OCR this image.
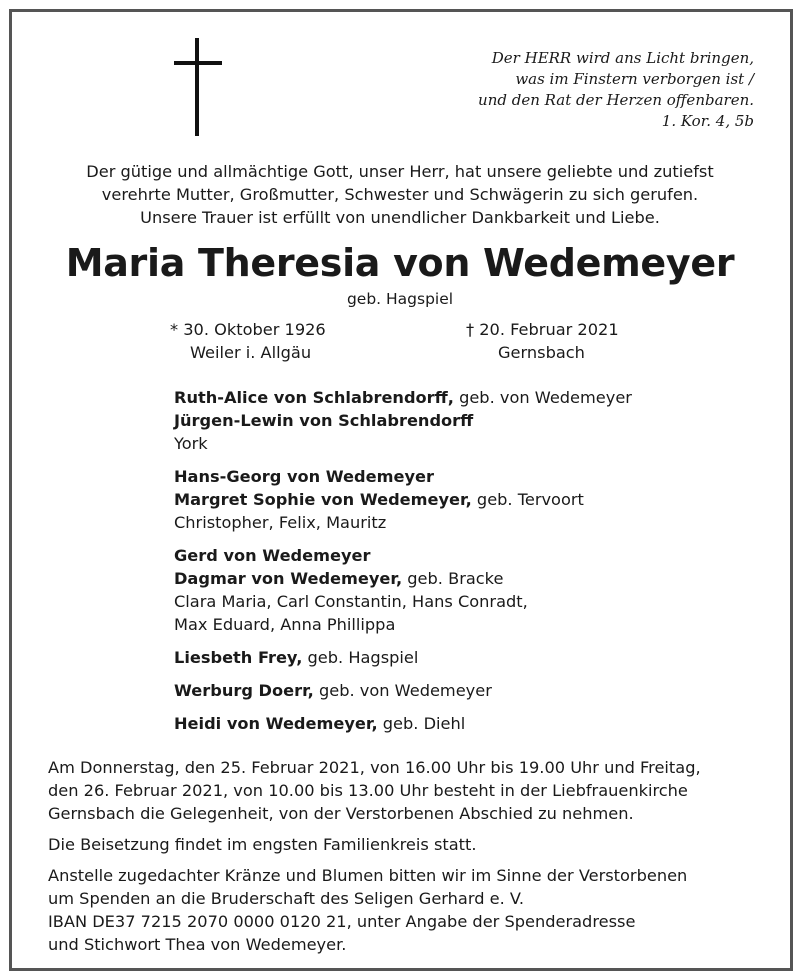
Der HERR wird ans Licht bringen,
was im Finstern verborgen ist /
und den Rat der Herzen offenbaren.
1. Kor. 4, 5b
Der gütige und allmächtige Gott, unser Herr, hat unsere geliebte und zutiefst
verehrte Mutter, Großmutter, Schwester und Schwägerin zu sich gerufen.
Unsere Trauer ist erfüllt von unendlicher Dankbarkeit und Liebe.
Maria Theresia von Wedemeyer
geb. Hagspiel
* 30. Oktober 1926
Weiler i. Allgäu
† 20. Februar 2021
Gernsbach
Ruth-Alice von Schlabrendorff, geb. von Wedemeyer
Jürgen-Lewin von Schlabrendorff
York
Hans-Georg von Wedemeyer
Margret Sophie von Wedemeyer, geb. Tervoort
Christopher, Felix, Mauritz
Gerd von Wedemeyer
Dagmar von Wedemeyer, geb. Bracke
Clara Maria, Carl Constantin, Hans Conradt,
Max Eduard, Anna Phillippa
Liesbeth Frey, geb. Hagspiel
Werburg Doerr, geb. von Wedemeyer
Heidi von Wedemeyer, geb. Diehl
Am Donnerstag, den 25. Februar 2021, von 16.00 Uhr bis 19.00 Uhr und Freitag,
den 26. Februar 2021, von 10.00 bis 13.00 Uhr besteht in der Liebfrauenkirche
Gernsbach die Gelegenheit, von der Verstorbenen Abschied zu nehmen.
Die Beisetzung findet im engsten Familienkreis statt.
Anstelle zugedachter Kränze und Blumen bitten wir im Sinne der Verstorbenen
um Spenden an die Bruderschaft des Seligen Gerhard e. V.
IBAN DE37 7215 2070 0000 0120 21, unter Angabe der Spenderadresse
und Stichwort Thea von Wedemeyer.
